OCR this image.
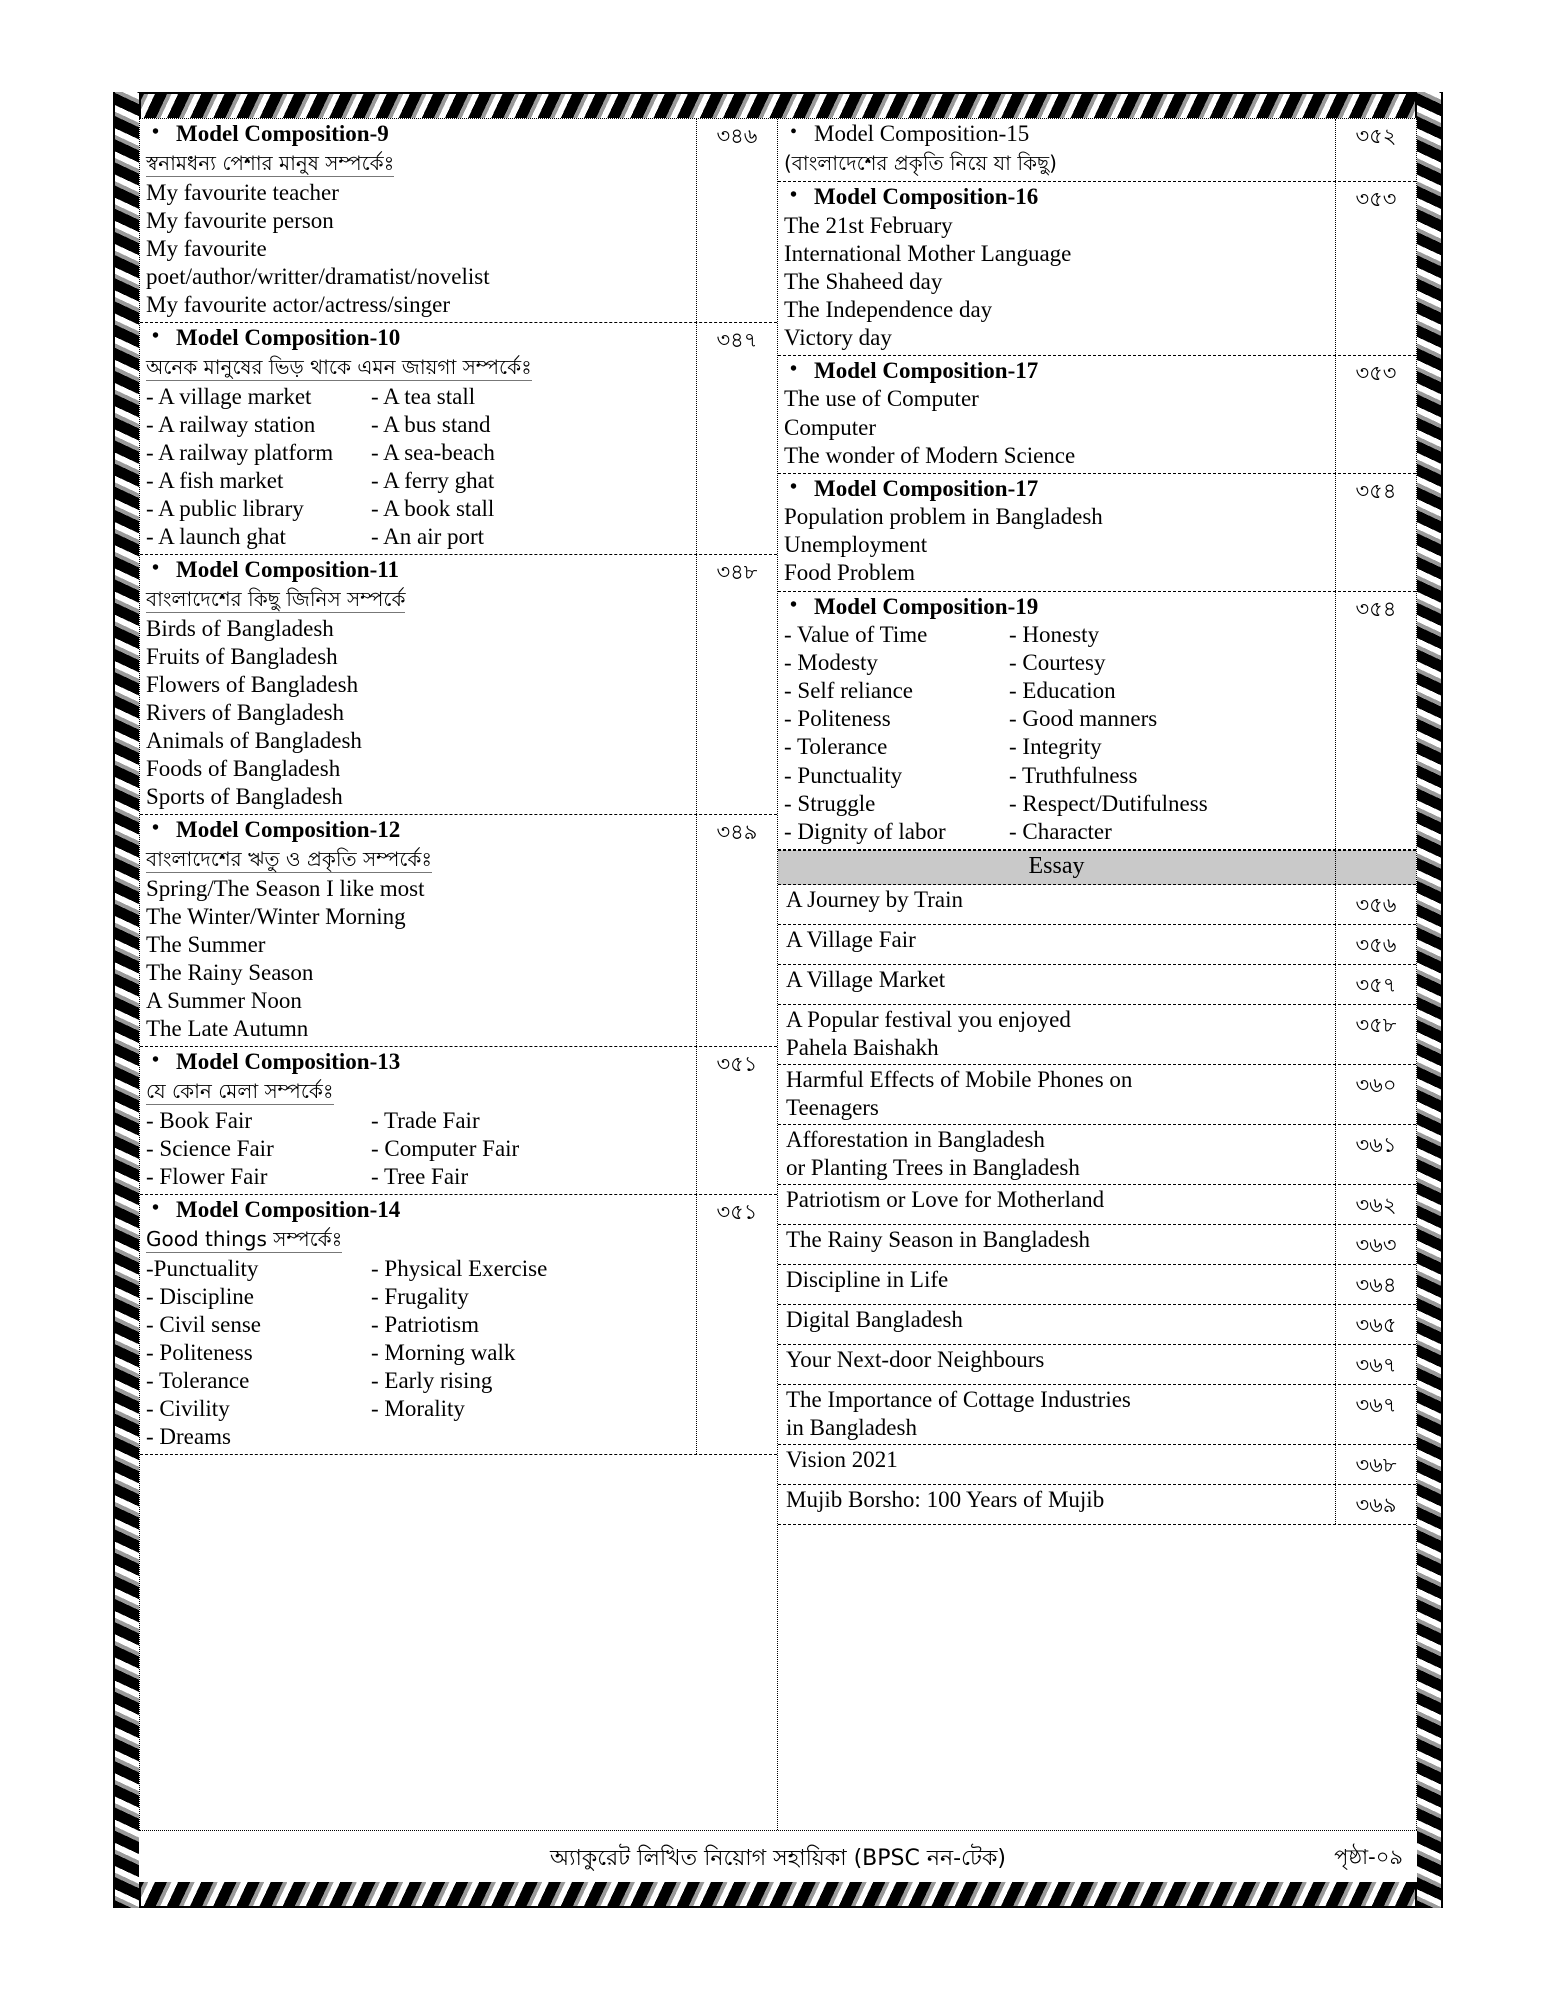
• Model Composition-9
স্বনামধন্য পেশার মানুষ সম্পর্কেঃ
My favourite teacher
My favourite person
My favourite
poet/author/writter/dramatist/novelist
My favourite actor/actress/singer
৩৪৬
• Model Composition-10
অনেক মানুষের ভিড় থাকে এমন জায়গা সম্পর্কেঃ
- A village market	- A tea stall
- A railway station	- A bus stand
- A railway platform	- A sea-beach
- A fish market	- A ferry ghat
- A public library	- A book stall
- A launch ghat	- An air port
৩৪৭
• Model Composition-11
বাংলাদেশের কিছু জিনিস সম্পর্কে
Birds of Bangladesh
Fruits of Bangladesh
Flowers of Bangladesh
Rivers of Bangladesh
Animals of Bangladesh
Foods of Bangladesh
Sports of Bangladesh
৩৪৮
• Model Composition-12
বাংলাদেশের ঋতু ও প্রকৃতি সম্পর্কেঃ
Spring/The Season I like most
The Winter/Winter Morning
The Summer
The Rainy Season
A Summer Noon
The Late Autumn
৩৪৯
• Model Composition-13
যে কোন মেলা সম্পর্কেঃ
- Book Fair	- Trade Fair
- Science Fair	- Computer Fair
- Flower Fair	- Tree Fair
৩৫১
• Model Composition-14
Good things সম্পর্কেঃ
-Punctuality	- Physical Exercise
- Discipline	- Frugality
- Civil sense	- Patriotism
- Politeness	- Morning walk
- Tolerance	- Early rising
- Civility	- Morality
- Dreams
৩৫১
• Model Composition-15
(বাংলাদেশের প্রকৃতি নিয়ে যা কিছু)
৩৫২
• Model Composition-16
The 21st February
International Mother Language
The Shaheed day
The Independence day
Victory day
৩৫৩
• Model Composition-17
The use of Computer
Computer
The wonder of Modern Science
৩৫৩
• Model Composition-17
Population problem in Bangladesh
Unemployment
Food Problem
৩৫৪
• Model Composition-19
- Value of Time	- Honesty
- Modesty	- Courtesy
- Self reliance	- Education
- Politeness	- Good manners
- Tolerance	- Integrity
- Punctuality	- Truthfulness
- Struggle	- Respect/Dutifulness
- Dignity of labor	- Character
৩৫৪
Essay
A Journey by Train	৩৫৬
A Village Fair	৩৫৬
A Village Market	৩৫৭
A Popular festival you enjoyed
Pahela Baishakh
৩৫৮
Harmful Effects of Mobile Phones on
Teenagers
৩৬০
Afforestation in Bangladesh
or Planting Trees in Bangladesh
৩৬১
Patriotism or Love for Motherland	৩৬২
The Rainy Season in Bangladesh	৩৬৩
Discipline in Life	৩৬৪
Digital Bangladesh	৩৬৫
Your Next-door Neighbours	৩৬৭
The Importance of Cottage Industries
in Bangladesh
৩৬৭
Vision 2021	৩৬৮
Mujib Borsho: 100 Years of Mujib	৩৬৯
অ্যাকুরেট লিখিত নিয়োগ সহায়িকা (BPSC নন-টেক)	পৃষ্ঠা-০৯
